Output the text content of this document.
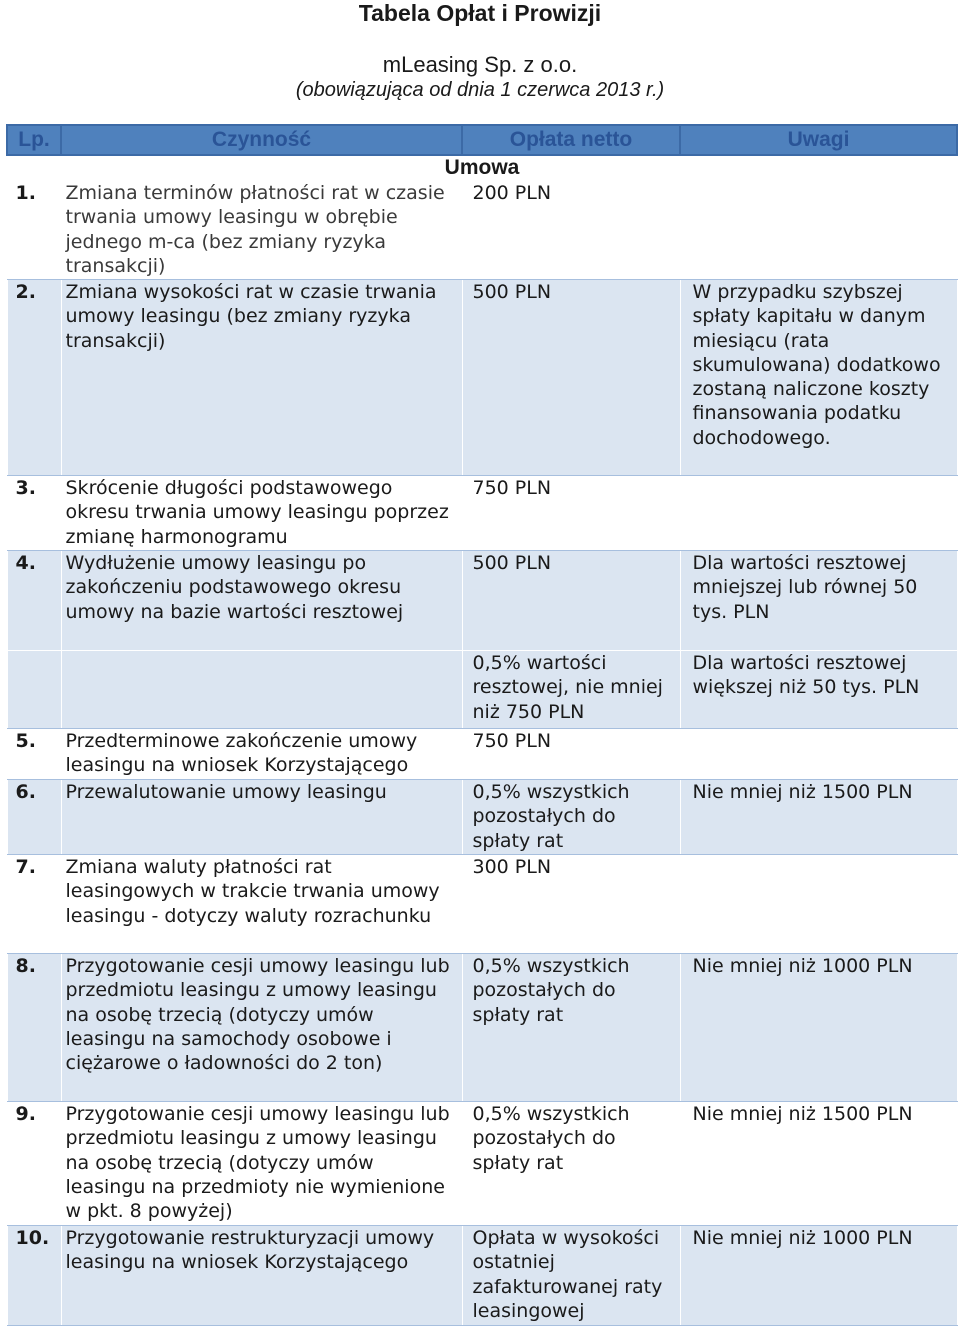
Tabela Opłat i Prowizji
mLeasing Sp. z o.o.
(obowiązująca od dnia 1 czerwca 2013 r.)
Lp.	Czynność	Opłata netto	Uwagi
Umowa			
1.	Zmiana terminów płatności rat w czasie trwania umowy leasingu w obrębie jednego m-ca (bez zmiany ryzyka transakcji)	200 PLN	
2.	Zmiana wysokości rat w czasie trwania umowy leasingu (bez zmiany ryzyka transakcji)	500 PLN	W przypadku szybszej spłaty kapitału w danym miesiącu (rata skumulowana) dodatkowo zostaną naliczone koszty finansowania podatku dochodowego.
3.	Skrócenie długości podstawowego okresu trwania umowy leasingu poprzez zmianę harmonogramu	750 PLN	
4.	Wydłużenie umowy leasingu po zakończeniu podstawowego okresu umowy na bazie wartości resztowej	500 PLN	Dla wartości resztowej mniejszej lub równej 50 tys. PLN
		0,5% wartości resztowej, nie mniej niż 750 PLN	Dla wartości resztowej większej niż 50 tys. PLN
5.	Przedterminowe zakończenie umowy leasingu na wniosek Korzystającego	750 PLN	
6.	Przewalutowanie umowy leasingu	0,5% wszystkich pozostałych do spłaty rat	Nie mniej niż 1500 PLN
7.	Zmiana waluty płatności rat leasingowych w trakcie trwania umowy leasingu - dotyczy waluty rozrachunku	300 PLN	
8.	Przygotowanie cesji umowy leasingu lub przedmiotu leasingu z umowy leasingu na osobę trzecią (dotyczy umów leasingu na samochody osobowe i ciężarowe o ładowności do 2 ton)	0,5% wszystkich pozostałych do spłaty rat	Nie mniej niż 1000 PLN
9.	Przygotowanie cesji umowy leasingu lub przedmiotu leasingu z umowy leasingu na osobę trzecią (dotyczy umów leasingu na przedmioty nie wymienione w pkt. 8 powyżej)	0,5% wszystkich pozostałych do spłaty rat	Nie mniej niż 1500 PLN
10.	Przygotowanie restrukturyzacji umowy leasingu na wniosek Korzystającego	Opłata w wysokości ostatniej zafakturowanej raty leasingowej	Nie mniej niż 1000 PLN
